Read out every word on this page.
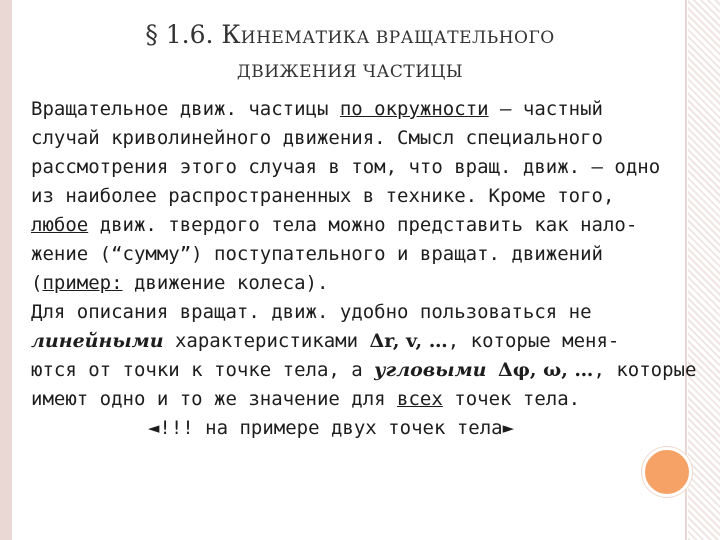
§ 1.6. КИНЕМАТИКА ВРАЩАТЕЛЬНОГО
ДВИЖЕНИЯ ЧАСТИЦЫ
Вращательное движ. частицы по окружности – частный
случай криволинейного движения. Смысл специального
рассмотрения этого случая в том, что вращ. движ. – одно
из наиболее распространенных в технике. Кроме того,
любое движ. твердого тела можно представить как нало-
жение (“сумму”) поступательного и вращат. движений
(пример: движение колеса).
Для описания вращат. движ. удобно пользоваться не
линейными характеристиками Δr, v, …, которые меня-
ются от точки к точке тела, а угловыми Δφ, ω, …, которые
имеют одно и то же значение для всех точек тела.
◄!!! на примере двух точек тела►
